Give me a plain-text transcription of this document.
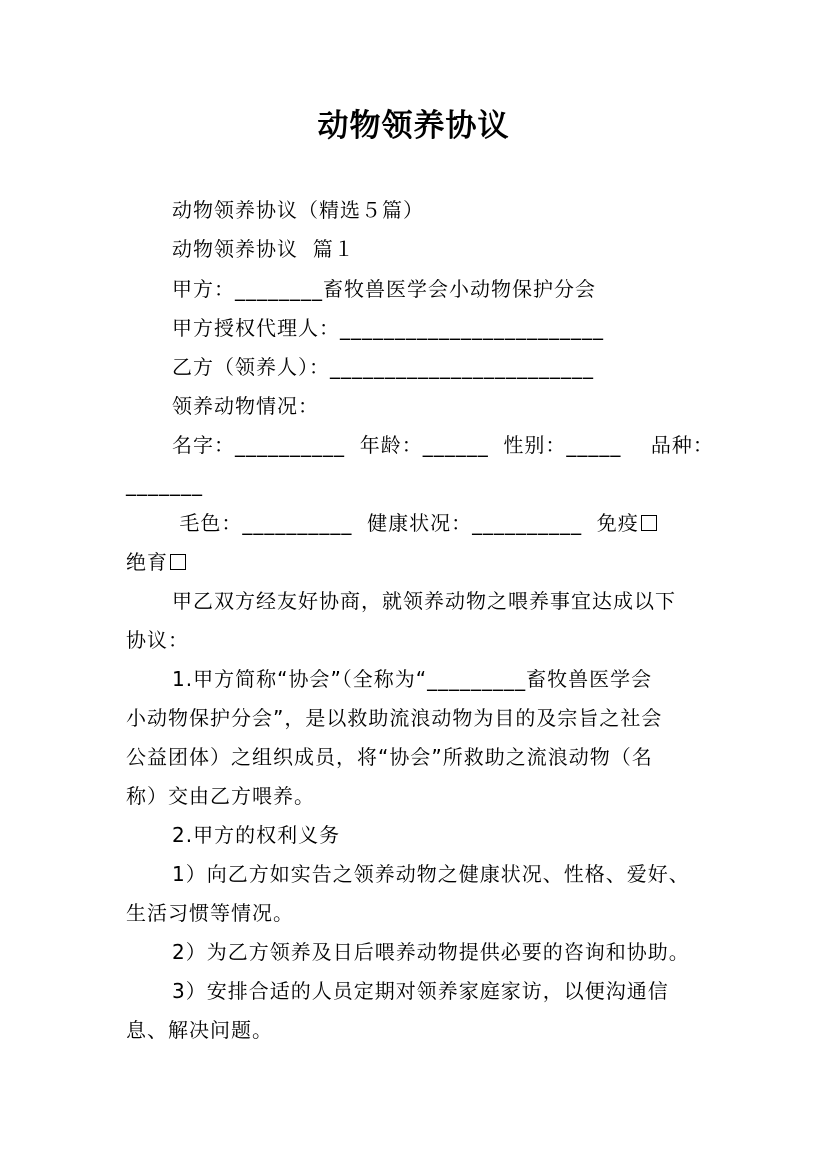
动物领养协议
动物领养协议（精选５篇）
动物领养协议  篇１
甲方：________畜牧兽医学会小动物保护分会
甲方授权代理人：________________________
乙方（领养人）：________________________
领养动物情况：
名字：__________  年龄：______  性别：_____    品种：
_______
毛色：__________  健康状况：__________  免疫
绝育
甲乙双方经友好协商，就领养动物之喂养事宜达成以下
协议：
1.甲方简称“协会”（全称为“_________畜牧兽医学会
小动物保护分会”，是以救助流浪动物为目的及宗旨之社会
公益团体）之组织成员，将“协会”所救助之流浪动物（名
称）交由乙方喂养。
2.甲方的权利义务
1）向乙方如实告之领养动物之健康状况、性格、爱好、
生活习惯等情况。
2）为乙方领养及日后喂养动物提供必要的咨询和协助。
3）安排合适的人员定期对领养家庭家访，以便沟通信
息、解决问题。
